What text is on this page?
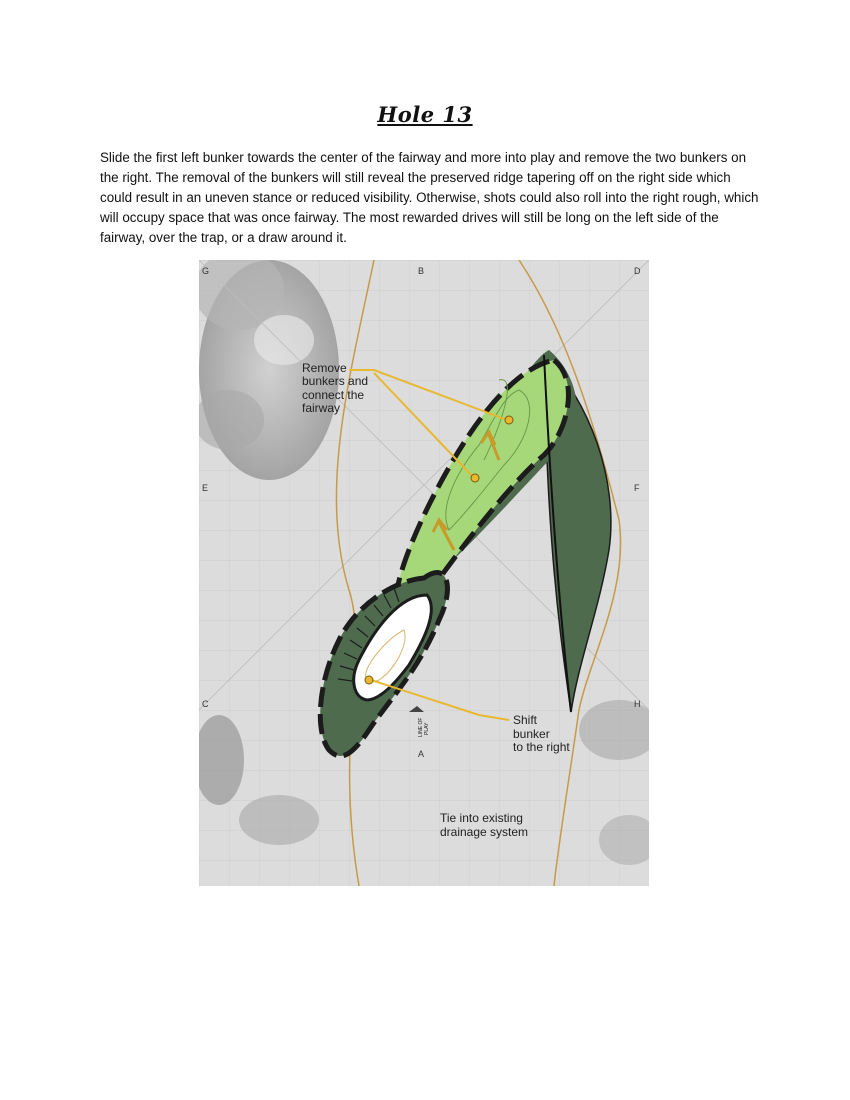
Hole 13
Slide the first left bunker towards the center of the fairway and more into play and remove the two bunkers on the right. The removal of the bunkers will still reveal the preserved ridge tapering off on the right side which could result in an uneven stance or reduced visibility. Otherwise, shots could also roll into the right rough, which will occupy space that was once fairway. The most rewarded drives will still be long on the left side of the fairway, over the trap, or a draw around it.
G	B	D
E	F
C	H
A
Remove
bunkers and
connect the
fairway
Shift
bunker
to the right
Tie into existing
drainage system
LINE OF PLAY
